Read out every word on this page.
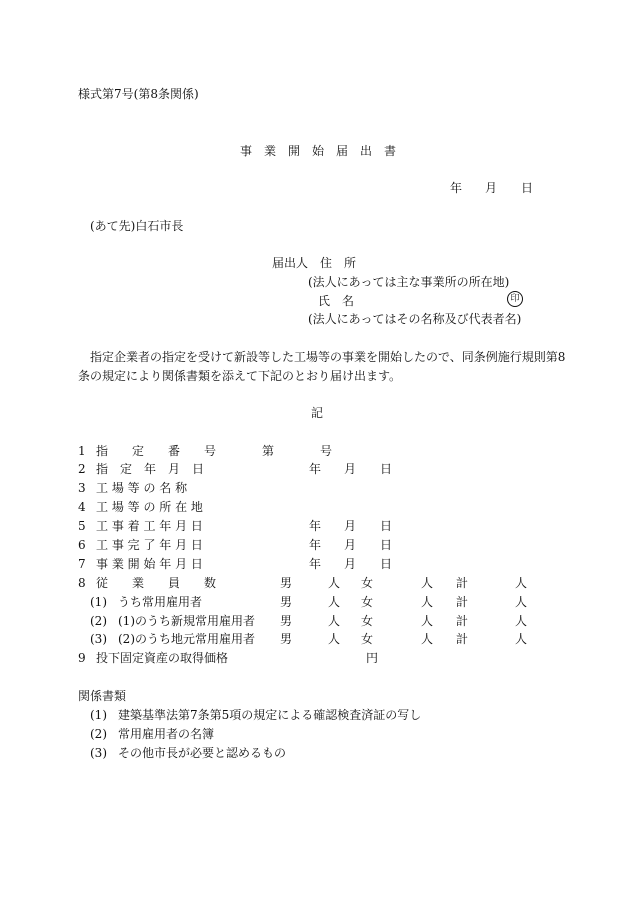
様式第7号(第8条関係)
事　業　開　始　届　出　書
年 月 日
(あて先)白石市長
届出人　住　所
(法人にあっては主な事業所の所在地)
氏　名	印
(法人にあってはその名称及び代表者名)
指定企業者の指定を受けて新設等した工場等の事業を開始したので、同条例施行規則第8
条の規定により関係書類を添えて下記のとおり届け出ます。
記
1 指　　定　　番　　号	第	号
2 指　定　年　月　日	年 月 日
3 工 場 等 の 名 称
4 工 場 等 の 所 在 地
5 工 事 着 工 年 月 日	年 月 日
6 工 事 完 了 年 月 日	年 月 日
7 事 業 開 始 年 月 日	年 月 日
8 従　　業　　員　　数	男	人 女	人 計	人
(1) うち常用雇用者	男	人 女	人 計	人
(2) (1)のうち新規常用雇用者 男	人 女	人 計	人
(3) (2)のうち地元常用雇用者 男	人 女	人 計	人
9 投下固定資産の取得価格	円
関係書類
(1) 建築基準法第7条第5項の規定による確認検査済証の写し
(2) 常用雇用者の名簿
(3) その他市長が必要と認めるもの
